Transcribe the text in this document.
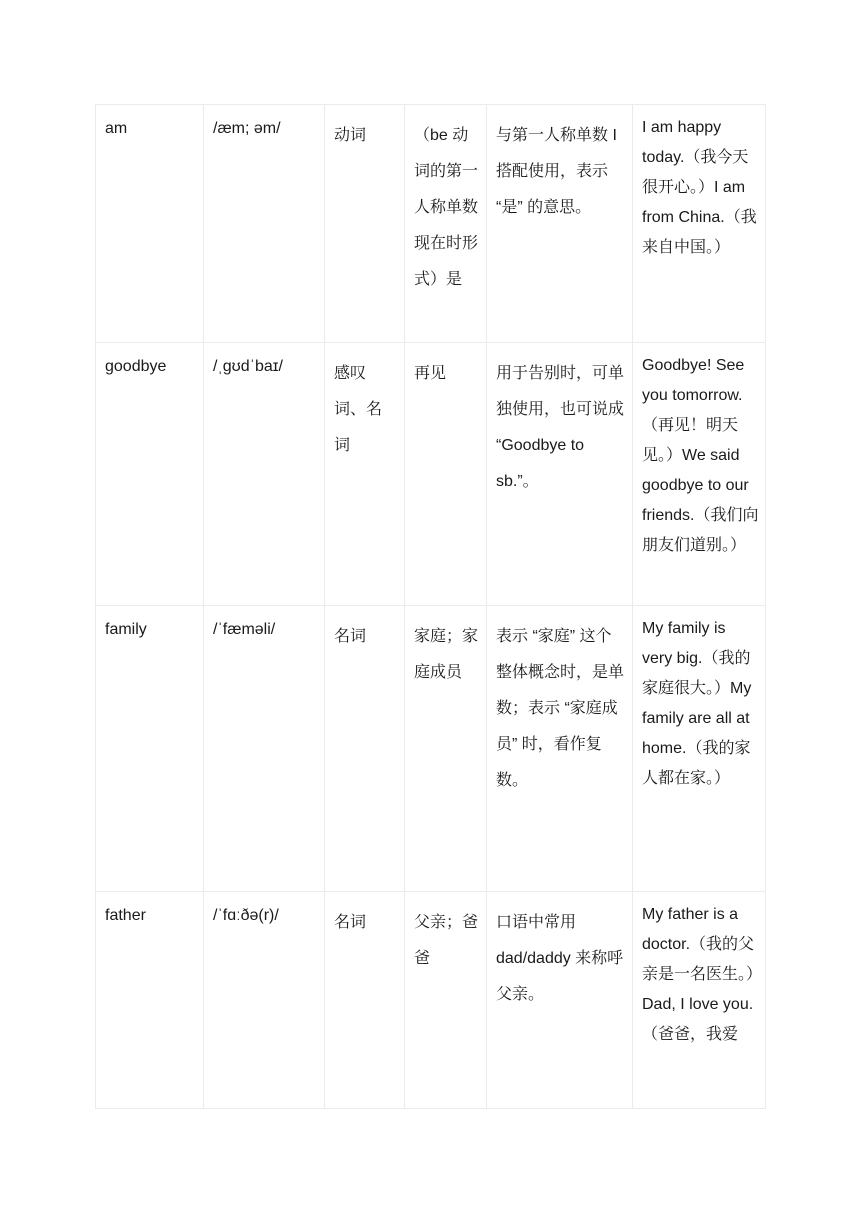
am	/æm; əm/	动词	（be 动词的第一人称单数现在时形式）是	与第一人称单数 I 搭配使用，表示 “是” 的意思。	I am happy today.（我今天很开心。）I am from China.（我来自中国。）
goodbye	/ˌɡʊdˈbaɪ/	感叹词、名词	再见	用于告别时，可单独使用，也可说成 “Goodbye to sb.”。	Goodbye! See you tomorrow.（再见！明天见。）We said goodbye to our friends.（我们向朋友们道别。）
family	/ˈfæməli/	名词	家庭；家庭成员	表示 “家庭” 这个整体概念时，是单数；表示 “家庭成员” 时，看作复数。	My family is very big.（我的家庭很大。）My family are all at home.（我的家人都在家。）
father	/ˈfɑːðə(r)/	名词	父亲；爸爸	口语中常用 dad/daddy 来称呼父亲。	My father is a doctor.（我的父亲是一名医生。）Dad, I love you.（爸爸，我爱
